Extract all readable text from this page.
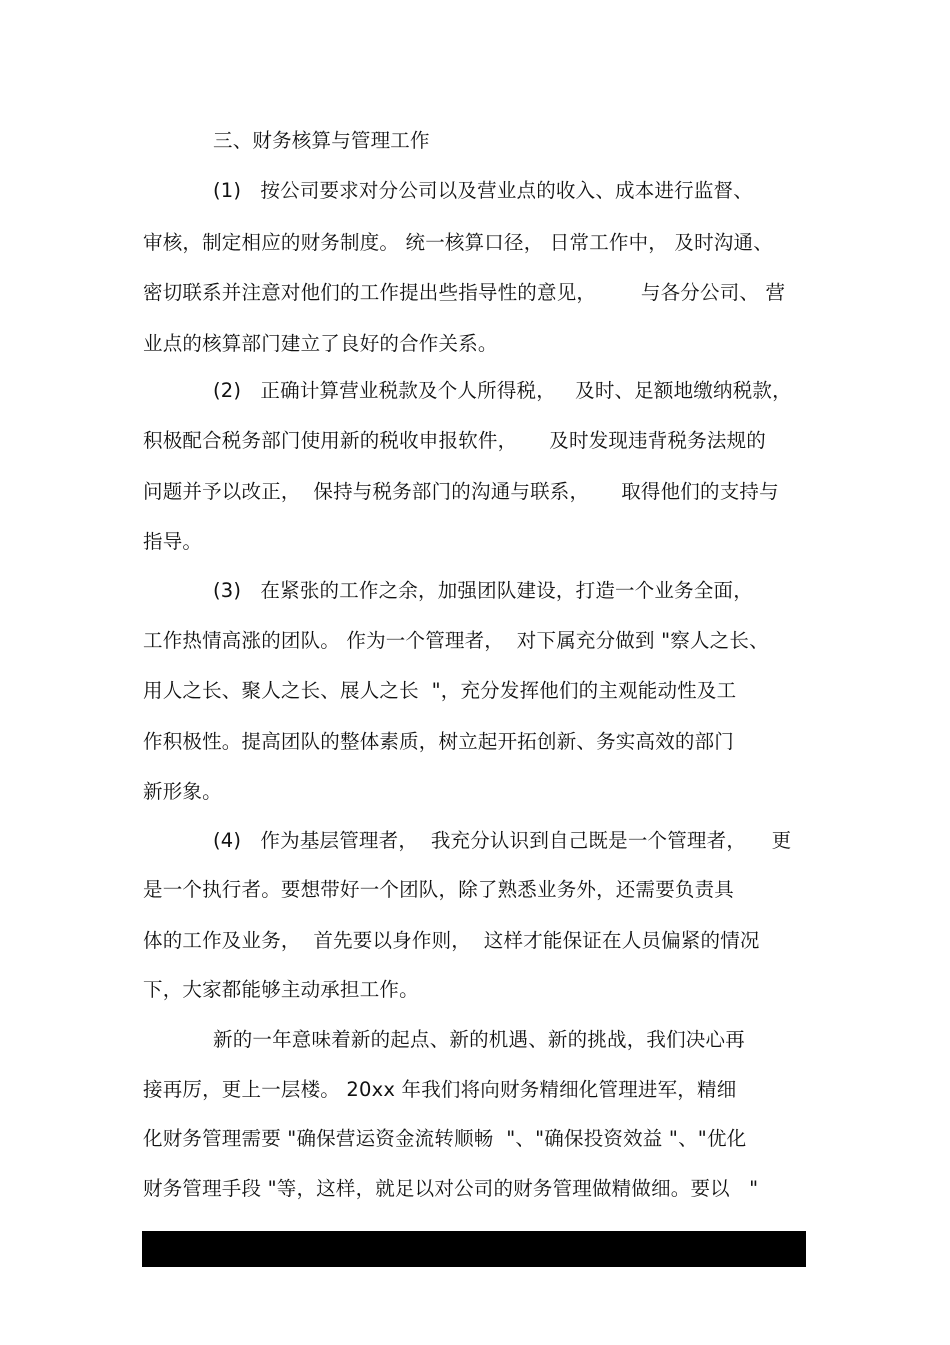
三、财务核算与管理工作
(1)   按公司要求对分公司以及营业点的收入、成本进行监督、
审核，制定相应的财务制度。 统一核算口径， 日常工作中， 及时沟通、
密切联系并注意对他们的工作提出些指导性的意见，       与各分公司、 营
业点的核算部门建立了良好的合作关系。
(2)   正确计算营业税款及个人所得税，   及时、足额地缴纳税款，
积极配合税务部门使用新的税收申报软件，     及时发现违背税务法规的
问题并予以改正，  保持与税务部门的沟通与联系，     取得他们的支持与
指导。
(3)   在紧张的工作之余，加强团队建设，打造一个业务全面，
工作热情高涨的团队。 作为一个管理者，  对下属充分做到 "察人之长、
用人之长、聚人之长、展人之长  "，充分发挥他们的主观能动性及工
作积极性。提高团队的整体素质，树立起开拓创新、务实高效的部门
新形象。
(4)   作为基层管理者，  我充分认识到自己既是一个管理者，    更
是一个执行者。要想带好一个团队，除了熟悉业务外，还需要负责具
体的工作及业务，  首先要以身作则，  这样才能保证在人员偏紧的情况
下，大家都能够主动承担工作。
新的一年意味着新的起点、新的机遇、新的挑战，我们决心再
接再厉，更上一层楼。 20xx 年我们将向财务精细化管理进军，精细
化财务管理需要 "确保营运资金流转顺畅  "、"确保投资效益 "、"优化
财务管理手段 "等，这样，就足以对公司的财务管理做精做细。要以   "
